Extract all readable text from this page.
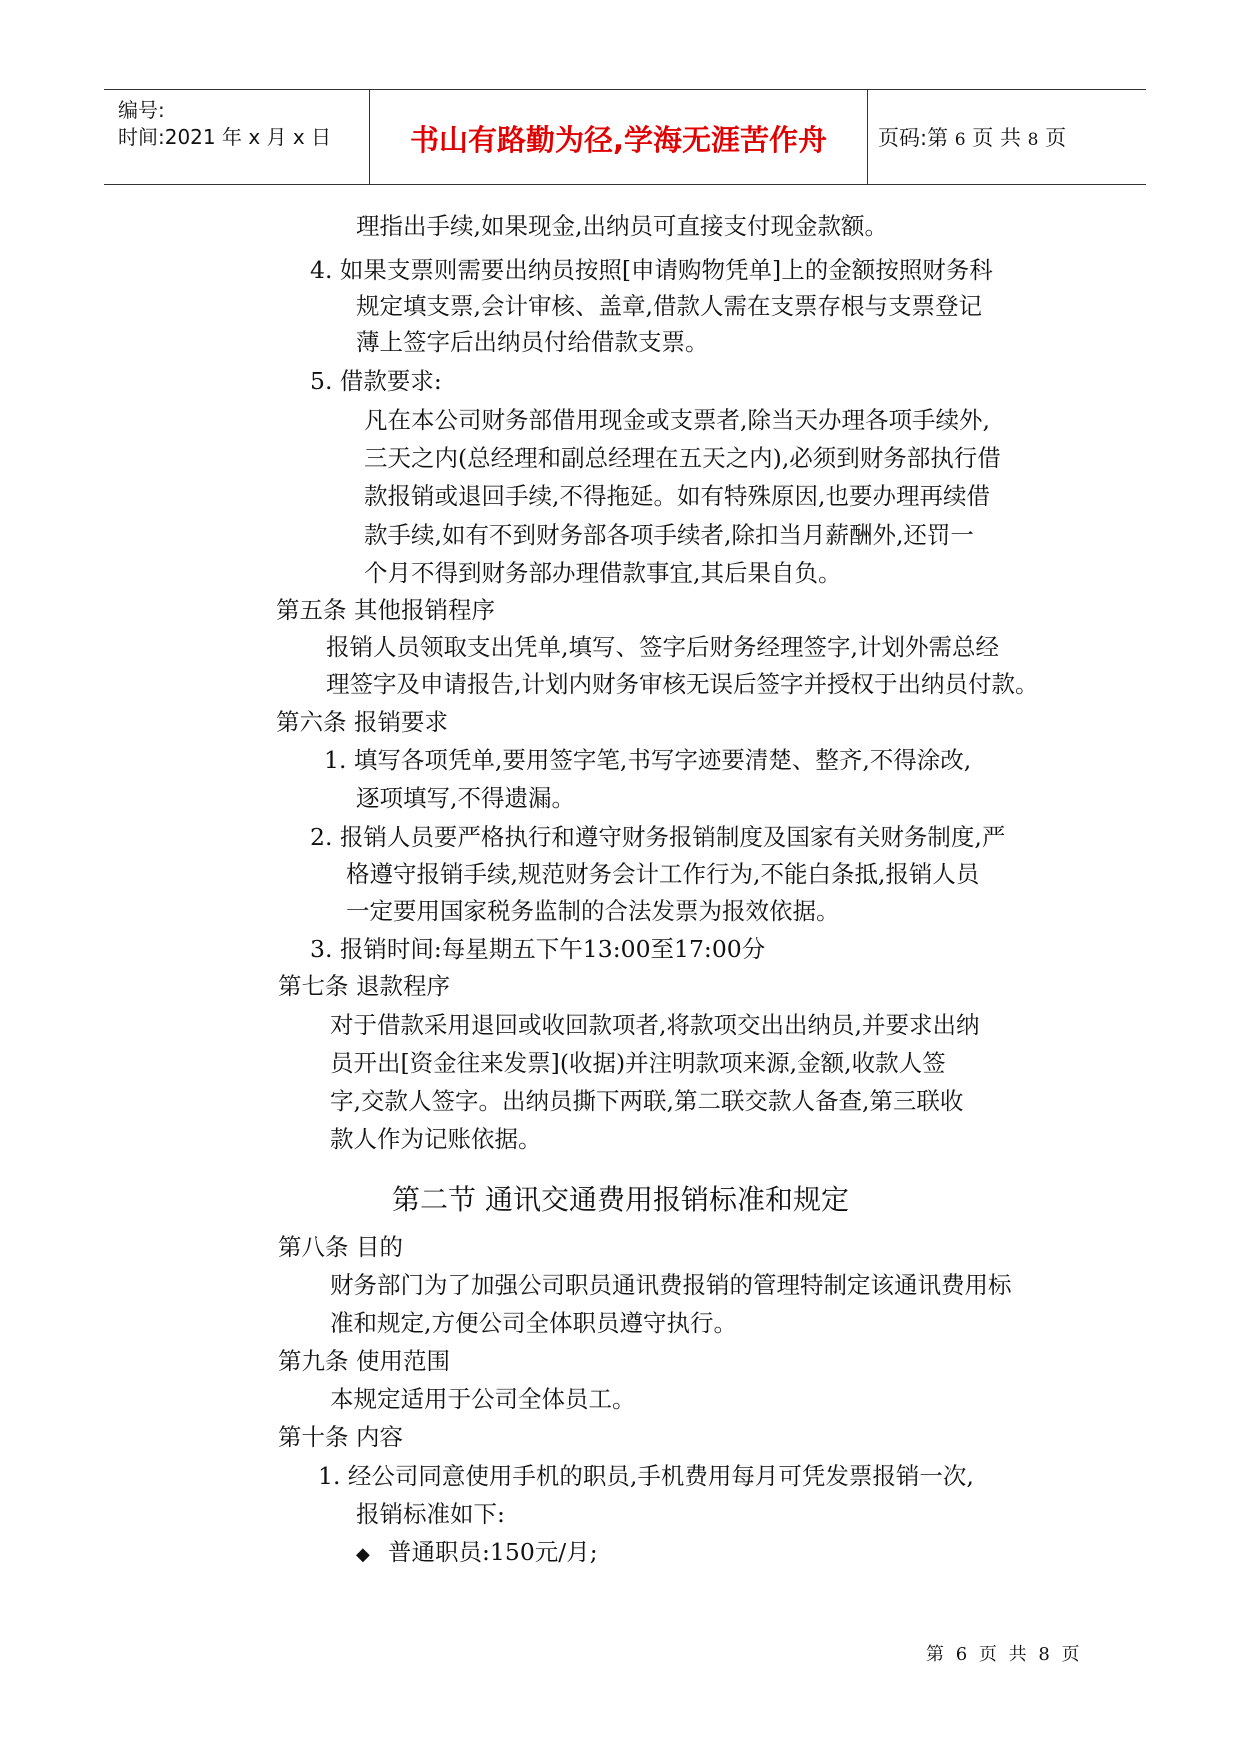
编号:
时间:2021 年 x 月 x 日	书山有路勤为径,学海无涯苦作舟	页码:第 6 页 共 8 页
理指出手续,如果现金,出纳员可直接支付现金款额。
4. 如果支票则需要出纳员按照[申请购物凭单]上的金额按照财务科
规定填支票,会计审核、盖章,借款人需在支票存根与支票登记
薄上签字后出纳员付给借款支票。
5. 借款要求:
凡在本公司财务部借用现金或支票者,除当天办理各项手续外,
三天之内(总经理和副总经理在五天之内),必须到财务部执行借
款报销或退回手续,不得拖延。如有特殊原因,也要办理再续借
款手续,如有不到财务部各项手续者,除扣当月薪酬外,还罚一
个月不得到财务部办理借款事宜,其后果自负。
第五条 其他报销程序
报销人员领取支出凭单,填写、签字后财务经理签字,计划外需总经
理签字及申请报告,计划内财务审核无误后签字并授权于出纳员付款。
第六条 报销要求
1. 填写各项凭单,要用签字笔,书写字迹要清楚、整齐,不得涂改,
逐项填写,不得遗漏。
2. 报销人员要严格执行和遵守财务报销制度及国家有关财务制度,严
格遵守报销手续,规范财务会计工作行为,不能白条抵,报销人员
一定要用国家税务监制的合法发票为报效依据。
3. 报销时间:每星期五下午13:00至17:00分
第七条 退款程序
对于借款采用退回或收回款项者,将款项交出出纳员,并要求出纳
员开出[资金往来发票](收据)并注明款项来源,金额,收款人签
字,交款人签字。出纳员撕下两联,第二联交款人备查,第三联收
款人作为记账依据。
第二节 通讯交通费用报销标准和规定
第八条 目的
财务部门为了加强公司职员通讯费报销的管理特制定该通讯费用标
准和规定,方便公司全体职员遵守执行。
第九条 使用范围
本规定适用于公司全体员工。
第十条 内容
1. 经公司同意使用手机的职员,手机费用每月可凭发票报销一次,
报销标准如下:
◆ 普通职员:150元/月;
第 6 页 共 8 页
